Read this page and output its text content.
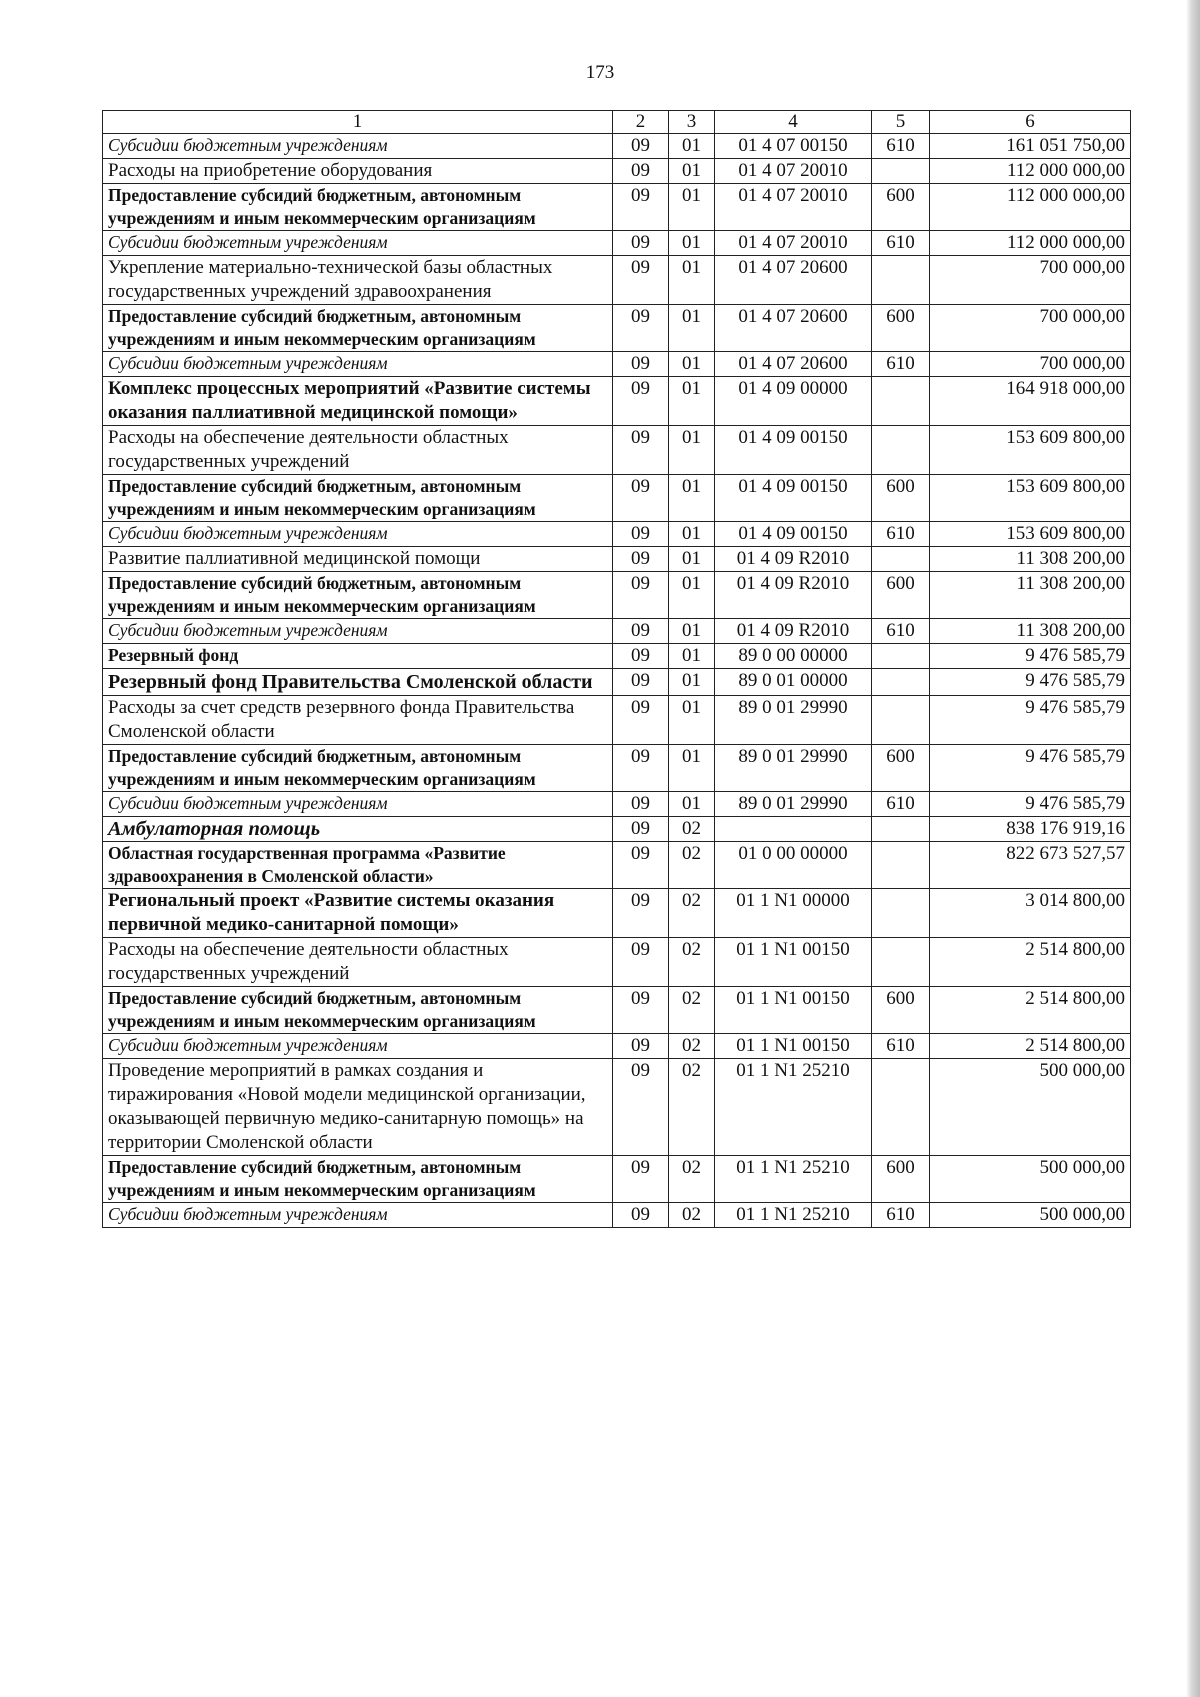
173
1	2	3	4	5	6
Субсидии бюджетным учреждениям	09	01	01 4 07 00150	610	161 051 750,00
Расходы на приобретение оборудования	09	01	01 4 07 20010		112 000 000,00
Предоставление субсидий бюджетным, автономным учреждениям и иным некоммерческим организациям	09	01	01 4 07 20010	600	112 000 000,00
Субсидии бюджетным учреждениям	09	01	01 4 07 20010	610	112 000 000,00
Укрепление материально-технической базы областных государственных учреждений здравоохранения	09	01	01 4 07 20600		700 000,00
Предоставление субсидий бюджетным, автономным учреждениям и иным некоммерческим организациям	09	01	01 4 07 20600	600	700 000,00
Субсидии бюджетным учреждениям	09	01	01 4 07 20600	610	700 000,00
Комплекс процессных мероприятий «Развитие системы оказания паллиативной медицинской помощи»	09	01	01 4 09 00000		164 918 000,00
Расходы на обеспечение деятельности областных государственных учреждений	09	01	01 4 09 00150		153 609 800,00
Предоставление субсидий бюджетным, автономным учреждениям и иным некоммерческим организациям	09	01	01 4 09 00150	600	153 609 800,00
Субсидии бюджетным учреждениям	09	01	01 4 09 00150	610	153 609 800,00
Развитие паллиативной медицинской помощи	09	01	01 4 09 R2010		11 308 200,00
Предоставление субсидий бюджетным, автономным учреждениям и иным некоммерческим организациям	09	01	01 4 09 R2010	600	11 308 200,00
Субсидии бюджетным учреждениям	09	01	01 4 09 R2010	610	11 308 200,00
Резервный фонд	09	01	89 0 00 00000		9 476 585,79
Резервный фонд Правительства Смоленской области	09	01	89 0 01 00000		9 476 585,79
Расходы за счет средств резервного фонда Правительства Смоленской области	09	01	89 0 01 29990		9 476 585,79
Предоставление субсидий бюджетным, автономным учреждениям и иным некоммерческим организациям	09	01	89 0 01 29990	600	9 476 585,79
Субсидии бюджетным учреждениям	09	01	89 0 01 29990	610	9 476 585,79
Амбулаторная помощь	09	02			838 176 919,16
Областная государственная программа «Развитие здравоохранения в Смоленской области»	09	02	01 0 00 00000		822 673 527,57
Региональный проект «Развитие системы оказания первичной медико-санитарной помощи»	09	02	01 1 N1 00000		3 014 800,00
Расходы на обеспечение деятельности областных государственных учреждений	09	02	01 1 N1 00150		2 514 800,00
Предоставление субсидий бюджетным, автономным учреждениям и иным некоммерческим организациям	09	02	01 1 N1 00150	600	2 514 800,00
Субсидии бюджетным учреждениям	09	02	01 1 N1 00150	610	2 514 800,00
Проведение мероприятий в рамках создания и тиражирования «Новой модели медицинской организации, оказывающей первичную медико-санитарную помощь» на территории Смоленской области	09	02	01 1 N1 25210		500 000,00
Предоставление субсидий бюджетным, автономным учреждениям и иным некоммерческим организациям	09	02	01 1 N1 25210	600	500 000,00
Субсидии бюджетным учреждениям	09	02	01 1 N1 25210	610	500 000,00
